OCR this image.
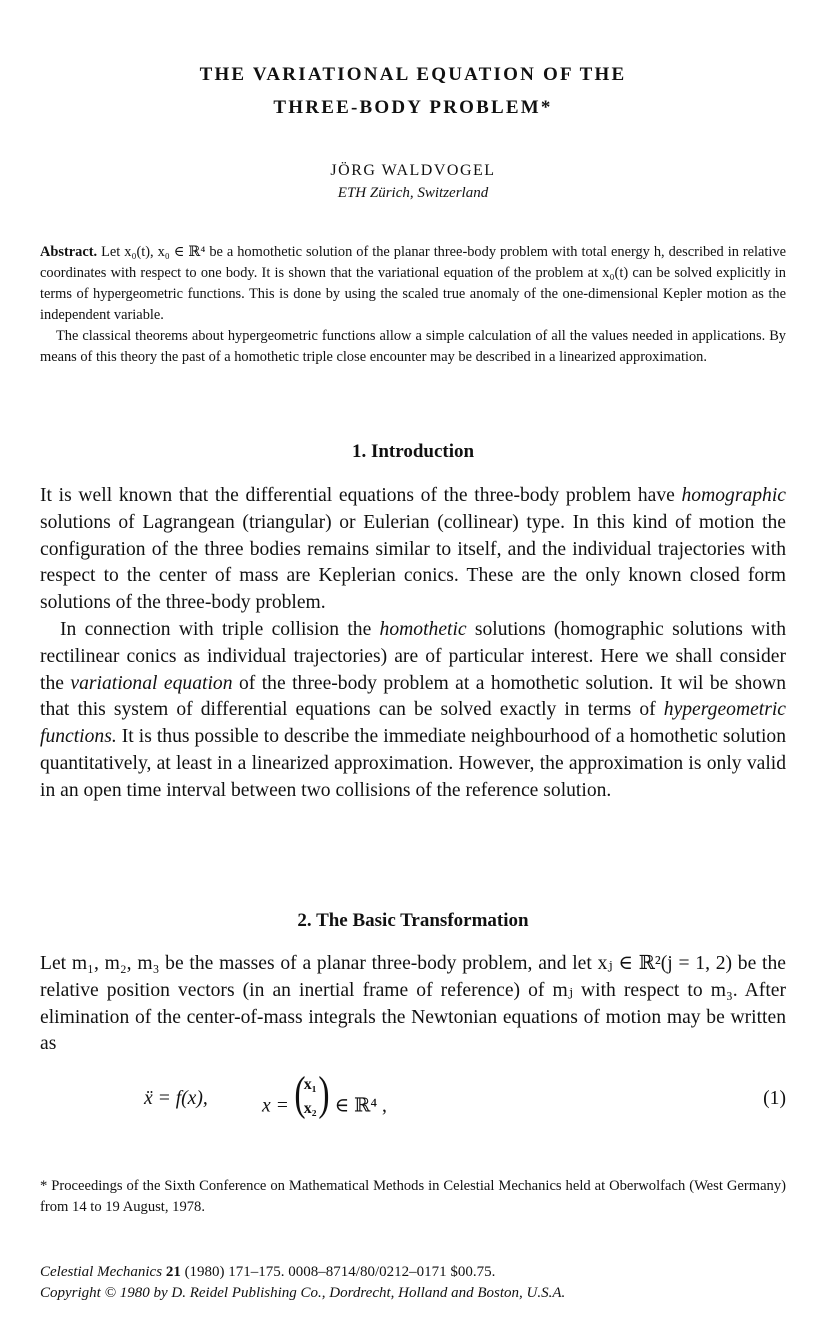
THE VARIATIONAL EQUATION OF THE
THREE-BODY PROBLEM*
JÖRG WALDVOGEL
ETH Zürich, Switzerland

Abstract. Let x₀(t), x₀ ∈ ℝ⁴ be a homothetic solution of the planar three-body problem with total energy h, described in relative coordinates with respect to one body. It is shown that the variational equation of the problem at x₀(t) can be solved explicitly in terms of hypergeometric functions. This is done by using the scaled true anomaly of the one-dimensional Kepler motion as the independent variable.

The classical theorems about hypergeometric functions allow a simple calculation of all the values needed in applications. By means of this theory the past of a homothetic triple close encounter may be described in a linearized approximation.

1. Introduction

It is well known that the differential equations of the three-body problem have homographic solutions of Lagrangean (triangular) or Eulerian (collinear) type. In this kind of motion the configuration of the three bodies remains similar to itself, and the individual trajectories with respect to the center of mass are Keplerian conics. These are the only known closed form solutions of the three-body problem.

In connection with triple collision the homothetic solutions (homographic solutions with rectilinear conics as individual trajectories) are of particular interest. Here we shall consider the variational equation of the three-body problem at a homothetic solution. It wil be shown that this system of differential equations can be solved exactly in terms of hypergeometric functions. It is thus possible to describe the immediate neighbourhood of a homothetic solution quantitatively, at least in a linearized approximation. However, the approximation is only valid in an open time interval between two collisions of the reference solution.

2. The Basic Transformation

Let m₁, m₂, m₃ be the masses of a planar three-body problem, and let xⱼ ∈ ℝ²(j = 1, 2) be the relative position vectors (in an inertial frame of reference) of mⱼ with respect to m₃. After elimination of the center-of-mass integrals the Newtonian equations of motion may be written as

ẍ = f(x),	x = (
x₁
x₂ ) ∈ ℝ⁴ ,	(1)

* Proceedings of the Sixth Conference on Mathematical Methods in Celestial Mechanics held at Oberwolfach (West Germany) from 14 to 19 August, 1978.

Celestial Mechanics 21 (1980) 171–175. 0008–8714/80/0212–0171 $00.75.

Copyright © 1980 by D. Reidel Publishing Co., Dordrecht, Holland and Boston, U.S.A.
